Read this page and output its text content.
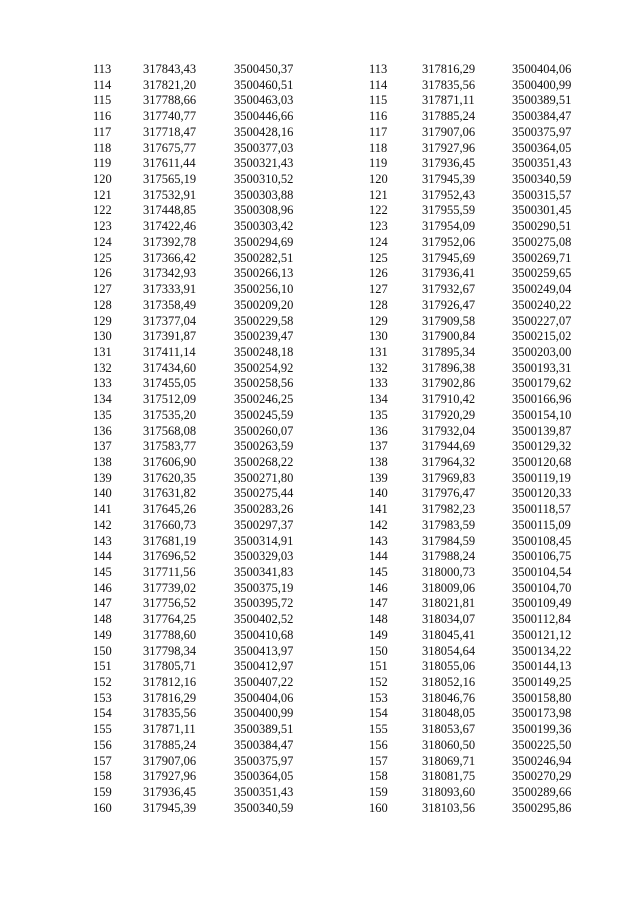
113	317843,43	3500450,37
114	317821,20	3500460,51
115	317788,66	3500463,03
116	317740,77	3500446,66
117	317718,47	3500428,16
118	317675,77	3500377,03
119	317611,44	3500321,43
120	317565,19	3500310,52
121	317532,91	3500303,88
122	317448,85	3500308,96
123	317422,46	3500303,42
124	317392,78	3500294,69
125	317366,42	3500282,51
126	317342,93	3500266,13
127	317333,91	3500256,10
128	317358,49	3500209,20
129	317377,04	3500229,58
130	317391,87	3500239,47
131	317411,14	3500248,18
132	317434,60	3500254,92
133	317455,05	3500258,56
134	317512,09	3500246,25
135	317535,20	3500245,59
136	317568,08	3500260,07
137	317583,77	3500263,59
138	317606,90	3500268,22
139	317620,35	3500271,80
140	317631,82	3500275,44
141	317645,26	3500283,26
142	317660,73	3500297,37
143	317681,19	3500314,91
144	317696,52	3500329,03
145	317711,56	3500341,83
146	317739,02	3500375,19
147	317756,52	3500395,72
148	317764,25	3500402,52
149	317788,60	3500410,68
150	317798,34	3500413,97
151	317805,71	3500412,97
152	317812,16	3500407,22
153	317816,29	3500404,06
154	317835,56	3500400,99
155	317871,11	3500389,51
156	317885,24	3500384,47
157	317907,06	3500375,97
158	317927,96	3500364,05
159	317936,45	3500351,43
160	317945,39	3500340,59
113	317816,29	3500404,06
114	317835,56	3500400,99
115	317871,11	3500389,51
116	317885,24	3500384,47
117	317907,06	3500375,97
118	317927,96	3500364,05
119	317936,45	3500351,43
120	317945,39	3500340,59
121	317952,43	3500315,57
122	317955,59	3500301,45
123	317954,09	3500290,51
124	317952,06	3500275,08
125	317945,69	3500269,71
126	317936,41	3500259,65
127	317932,67	3500249,04
128	317926,47	3500240,22
129	317909,58	3500227,07
130	317900,84	3500215,02
131	317895,34	3500203,00
132	317896,38	3500193,31
133	317902,86	3500179,62
134	317910,42	3500166,96
135	317920,29	3500154,10
136	317932,04	3500139,87
137	317944,69	3500129,32
138	317964,32	3500120,68
139	317969,83	3500119,19
140	317976,47	3500120,33
141	317982,23	3500118,57
142	317983,59	3500115,09
143	317984,59	3500108,45
144	317988,24	3500106,75
145	318000,73	3500104,54
146	318009,06	3500104,70
147	318021,81	3500109,49
148	318034,07	3500112,84
149	318045,41	3500121,12
150	318054,64	3500134,22
151	318055,06	3500144,13
152	318052,16	3500149,25
153	318046,76	3500158,80
154	318048,05	3500173,98
155	318053,67	3500199,36
156	318060,50	3500225,50
157	318069,71	3500246,94
158	318081,75	3500270,29
159	318093,60	3500289,66
160	318103,56	3500295,86
